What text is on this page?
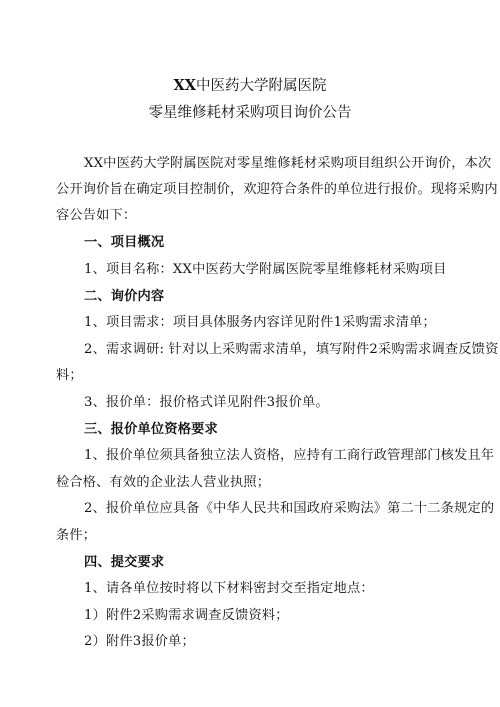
XX中医药大学附属医院
零星维修耗材采购项目询价公告
XX中医药大学附属医院对零星维修耗材采购项目组织公开询价，本次
公开询价旨在确定项目控制价，欢迎符合条件的单位进行报价。现将采购内
容公告如下：
一、项目概况
1、项目名称：XX中医药大学附属医院零星维修耗材采购项目
二、询价内容
1、项目需求：项目具体服务内容详见附件1采购需求清单；
2、需求调研: 针对以上采购需求清单，填写附件2采购需求调查反馈资
料；
3、报价单：报价格式详见附件3报价单。
三、报价单位资格要求
1、报价单位须具备独立法人资格，应持有工商行政管理部门核发且年
检合格、有效的企业法人营业执照；
2、报价单位应具备《中华人民共和国政府采购法》第二十二条规定的
条件；
四、提交要求
1、请各单位按时将以下材料密封交至指定地点：
1）附件2采购需求调查反馈资料；
2）附件3报价单；
